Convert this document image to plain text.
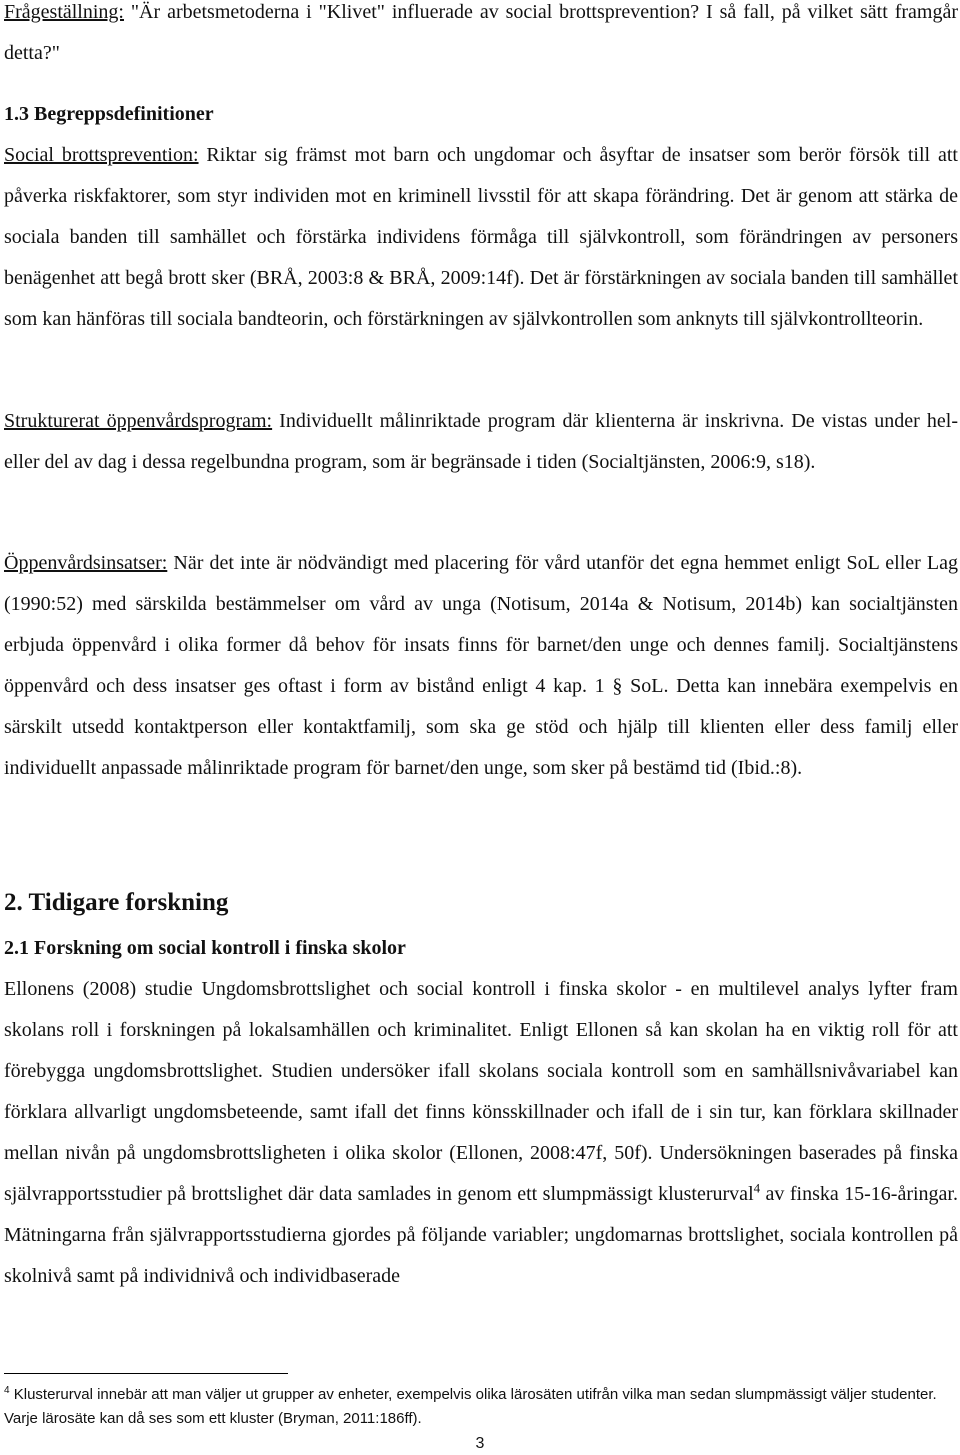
Frågeställning: "Är arbetsmetoderna i "Klivet" influerade av social brottsprevention? I så fall, på vilket sätt framgår detta?"

1.3 Begreppsdefinitioner

Social brottsprevention: Riktar sig främst mot barn och ungdomar och åsyftar de insatser som berör försök till att påverka riskfaktorer, som styr individen mot en kriminell livsstil för att skapa förändring. Det är genom att stärka de sociala banden till samhället och förstärka individens förmåga till självkontroll, som förändringen av personers benägenhet att begå brott sker (BRÅ, 2003:8 & BRÅ, 2009:14f). Det är förstärkningen av sociala banden till samhället som kan hänföras till sociala bandteorin, och förstärkningen av självkontrollen som anknyts till självkontrollteorin.

Strukturerat öppenvårdsprogram: Individuellt målinriktade program där klienterna är inskrivna. De vistas under hel- eller del av dag i dessa regelbundna program, som är begränsade i tiden (Socialtjänsten, 2006:9, s18).

Öppenvårdsinsatser: När det inte är nödvändigt med placering för vård utanför det egna hemmet enligt SoL eller Lag (1990:52) med särskilda bestämmelser om vård av unga (Notisum, 2014a & Notisum, 2014b) kan socialtjänsten erbjuda öppenvård i olika former då behov för insats finns för barnet/den unge och dennes familj. Socialtjänstens öppenvård och dess insatser ges oftast i form av bistånd enligt 4 kap. 1 § SoL. Detta kan innebära exempelvis en särskilt utsedd kontaktperson eller kontaktfamilj, som ska ge stöd och hjälp till klienten eller dess familj eller individuellt anpassade målinriktade program för barnet/den unge, som sker på bestämd tid (Ibid.:8).

2. Tidigare forskning

2.1 Forskning om social kontroll i finska skolor

Ellonens (2008) studie Ungdomsbrottslighet och social kontroll i finska skolor - en multilevel analys lyfter fram skolans roll i forskningen på lokalsamhällen och kriminalitet. Enligt Ellonen så kan skolan ha en viktig roll för att förebygga ungdomsbrottslighet. Studien undersöker ifall skolans sociala kontroll som en samhällsnivåvariabel kan förklara allvarligt ungdomsbeteende, samt ifall det finns könsskillnader och ifall de i sin tur, kan förklara skillnader mellan nivån på ungdomsbrottsligheten i olika skolor (Ellonen, 2008:47f, 50f). Undersökningen baserades på finska självrapportsstudier på brottslighet där data samlades in genom ett slumpmässigt klusterurval$^4$ av finska 15-16-åringar. Mätningarna från självrapportsstudierna gjordes på följande variabler; ungdomarnas brottslighet, sociala kontrollen på skolnivå samt på individnivå och individbaserade

$^4$ Klusterurval innebär att man väljer ut grupper av enheter, exempelvis olika lärosäten utifrån vilka man sedan slumpmässigt väljer studenter. Varje lärosäte kan då ses som ett kluster (Bryman, 2011:186ff).

3
